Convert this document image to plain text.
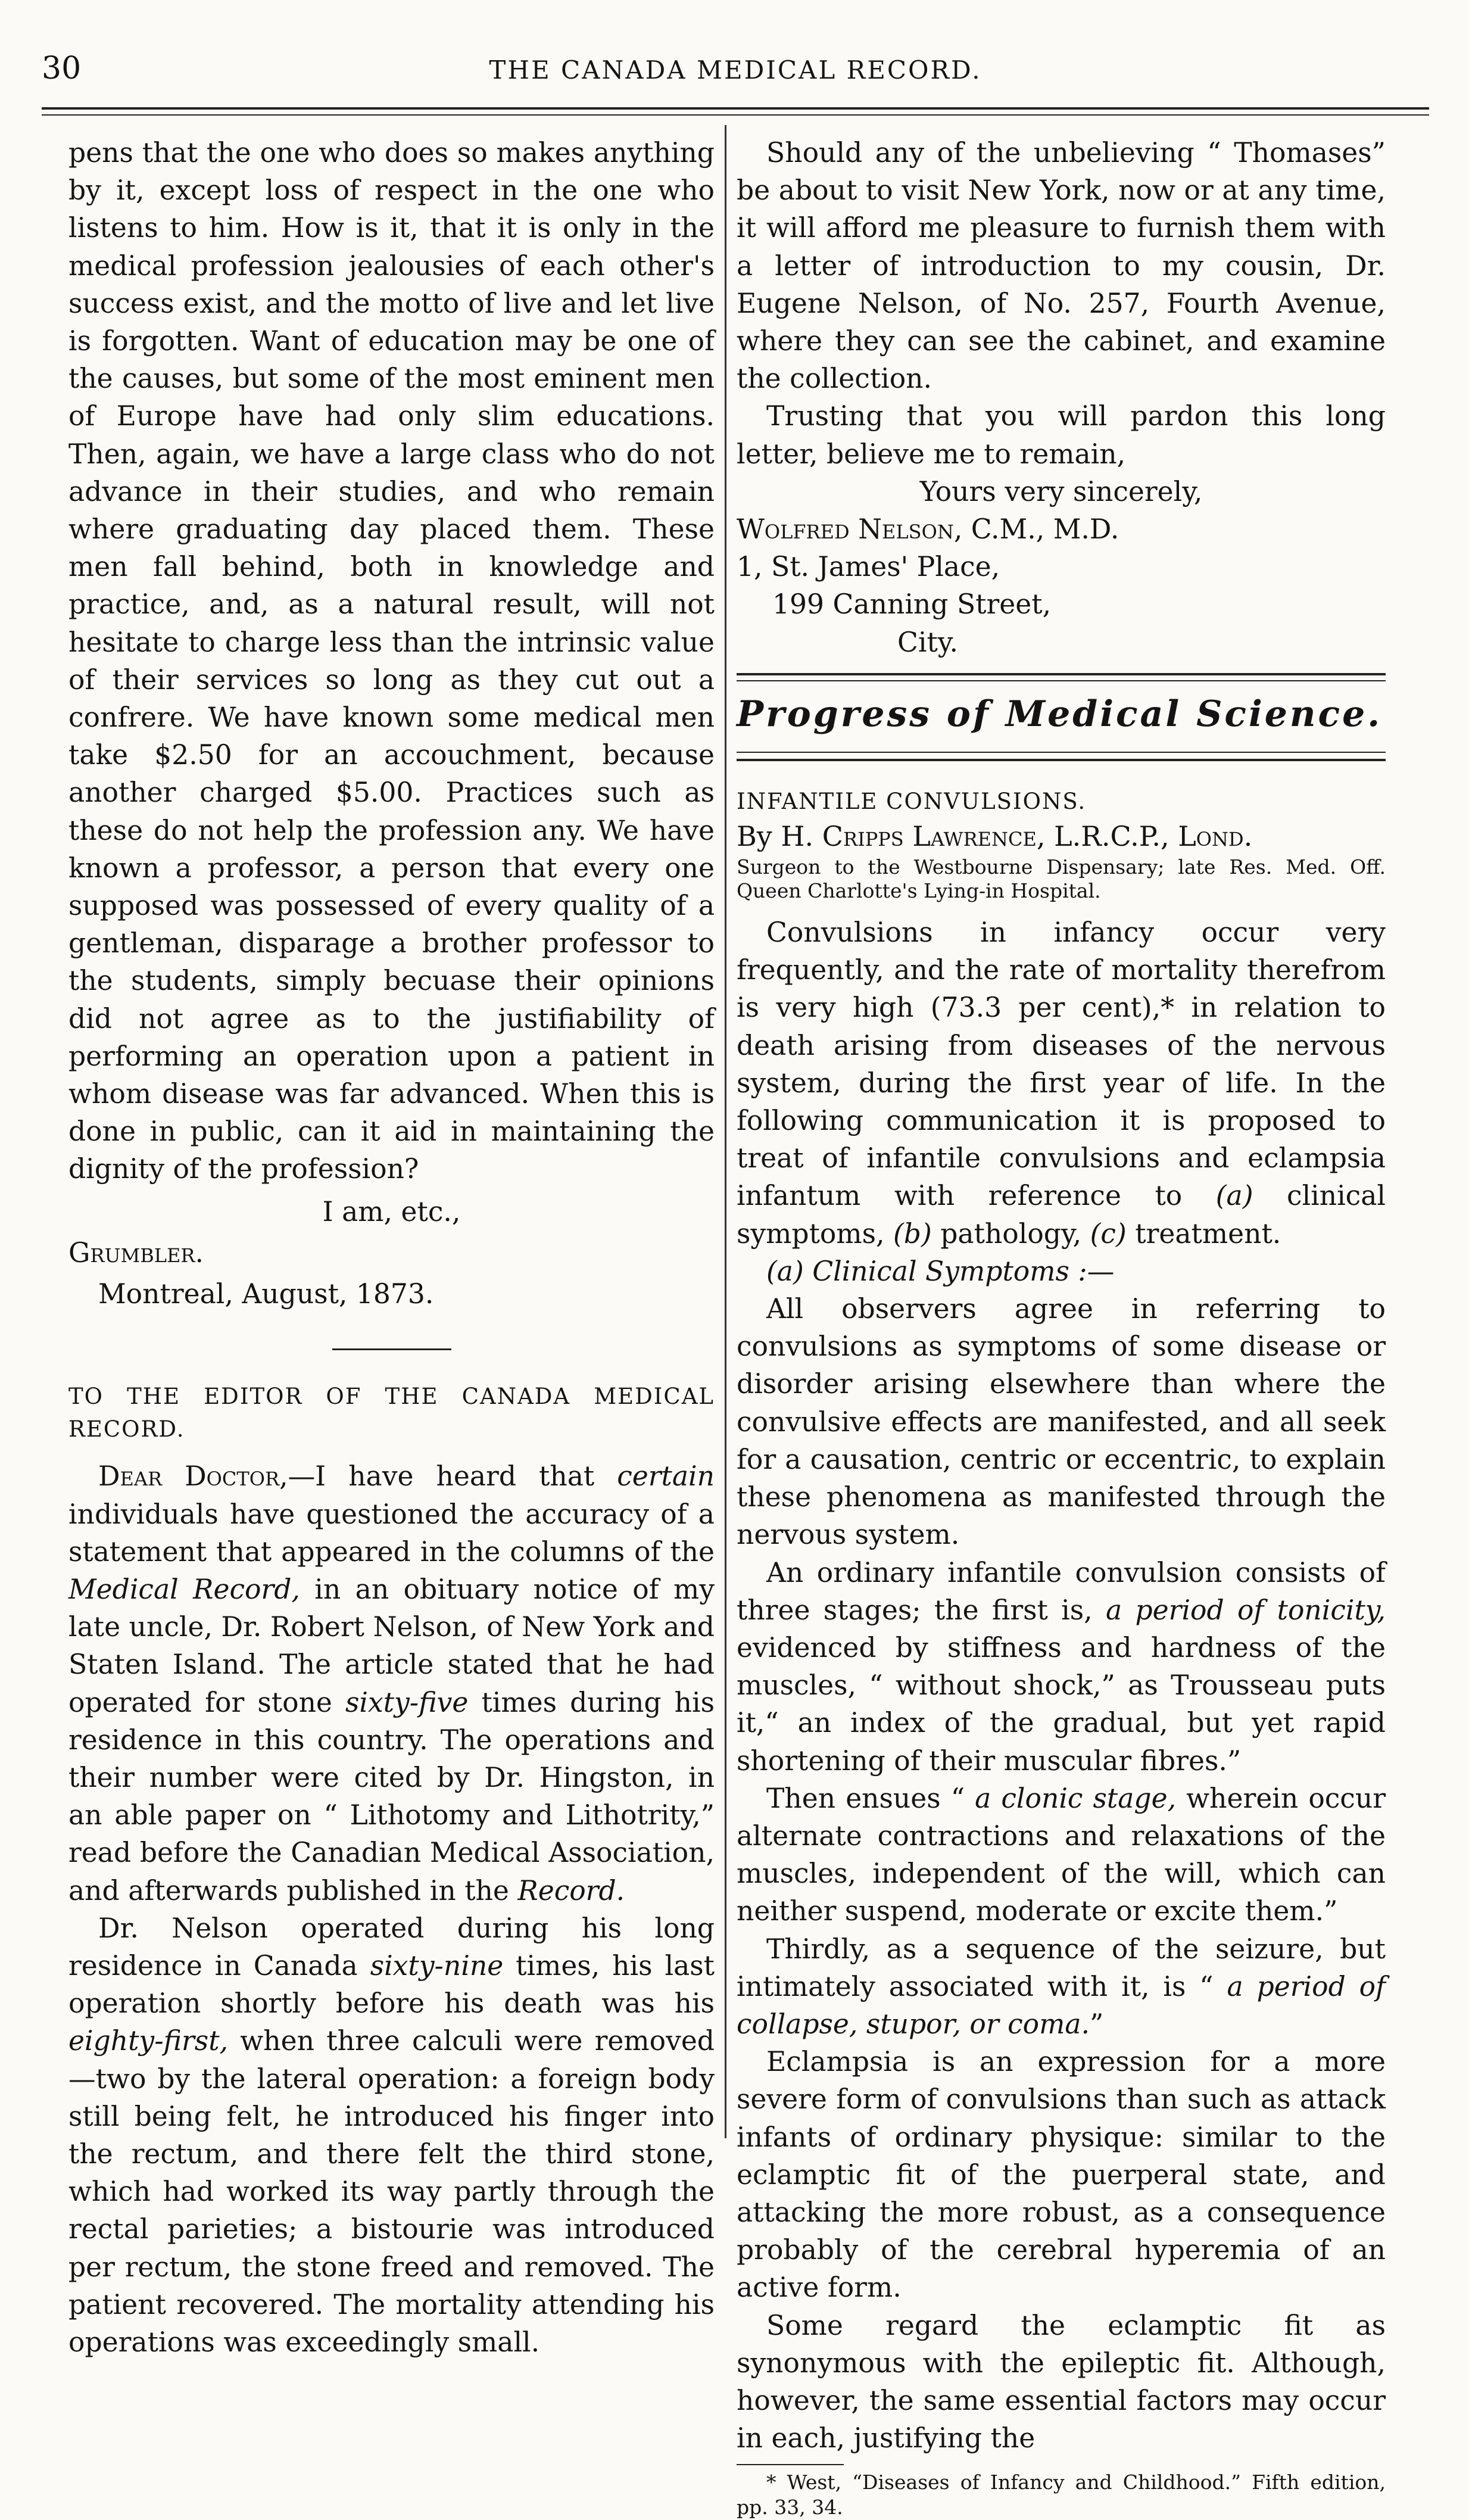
30	THE CANADA MEDICAL RECORD.

pens that the one who does so makes anything by it, except loss of respect in the one who listens to him. How is it, that it is only in the medical profession jealousies of each other's success exist, and the motto of live and let live is forgotten. Want of education may be one of the causes, but some of the most eminent men of Europe have had only slim educations. Then, again, we have a large class who do not advance in their studies, and who remain where graduating day placed them. These men fall behind, both in knowledge and practice, and, as a natural result, will not hesitate to charge less than the intrinsic value of their services so long as they cut out a confrere. We have known some medical men take $2.50 for an accouchment, because another charged $5.00. Practices such as these do not help the profession any. We have known a professor, a person that every one supposed was possessed of every quality of a gentleman, disparage a brother professor to the students, simply becuase their opinions did not agree as to the justifiability of performing an operation upon a patient in whom disease was far advanced. When this is done in public, can it aid in maintaining the dignity of the profession?

I am, etc.,

Grumbler.

Montreal, August, 1873.

TO THE EDITOR OF THE CANADA MEDICAL RECORD.

Dear Doctor,—I have heard that certain individuals have questioned the accuracy of a statement that appeared in the columns of the Medical Record, in an obituary notice of my late uncle, Dr. Robert Nelson, of New York and Staten Island. The article stated that he had operated for stone sixty-five times during his residence in this country. The operations and their number were cited by Dr. Hingston, in an able paper on “ Lithotomy and Lithotrity,” read before the Canadian Medical Association, and afterwards published in the Record.

Dr. Nelson operated during his long residence in Canada sixty-nine times, his last operation shortly before his death was his eighty-first, when three calculi were removed—two by the lateral operation: a foreign body still being felt, he introduced his finger into the rectum, and there felt the third stone, which had worked its way partly through the rectal parieties; a bistourie was introduced per rectum, the stone freed and removed. The patient recovered. The mortality attending his operations was exceedingly small.

Should any of the unbelieving “ Thomases” be about to visit New York, now or at any time, it will afford me pleasure to furnish them with a letter of introduction to my cousin, Dr. Eugene Nelson, of No. 257, Fourth Avenue, where they can see the cabinet, and examine the collection.

Trusting that you will pardon this long letter, believe me to remain,

Yours very sincerely,

Wolfred Nelson, C.M., M.D.

1, St. James' Place,

199 Canning Street,

City.

Progress of Medical Science.

INFANTILE CONVULSIONS.

By H. Cripps Lawrence, L.R.C.P., Lond.

Surgeon to the Westbourne Dispensary; late Res. Med. Off. Queen Charlotte's Lying-in Hospital.

Convulsions in infancy occur very frequently, and the rate of mortality therefrom is very high (73.3 per cent),* in relation to death arising from diseases of the nervous system, during the first year of life. In the following communication it is proposed to treat of infantile convulsions and eclampsia infantum with reference to (a) clinical symptoms, (b) pathology, (c) treatment.

(a) Clinical Symptoms :—

All observers agree in referring to convulsions as symptoms of some disease or disorder arising elsewhere than where the convulsive effects are manifested, and all seek for a causation, centric or eccentric, to explain these phenomena as manifested through the nervous system.

An ordinary infantile convulsion consists of three stages; the first is, a period of tonicity, evidenced by stiffness and hardness of the muscles, “ without shock,” as Trousseau puts it,“ an index of the gradual, but yet rapid shortening of their muscular fibres.”

Then ensues “ a clonic stage, wherein occur alternate contractions and relaxations of the muscles, independent of the will, which can neither suspend, moderate or excite them.”

Thirdly, as a sequence of the seizure, but intimately associated with it, is “ a period of collapse, stupor, or coma.”

Eclampsia is an expression for a more severe form of convulsions than such as attack infants of ordinary physique: similar to the eclamptic fit of the puerperal state, and attacking the more robust, as a consequence probably of the cerebral hyperemia of an active form.

Some regard the eclamptic fit as synonymous with the epileptic fit. Although, however, the same essential factors may occur in each, justifying the

* West, “Diseases of Infancy and Childhood.” Fifth edition, pp. 33, 34.
